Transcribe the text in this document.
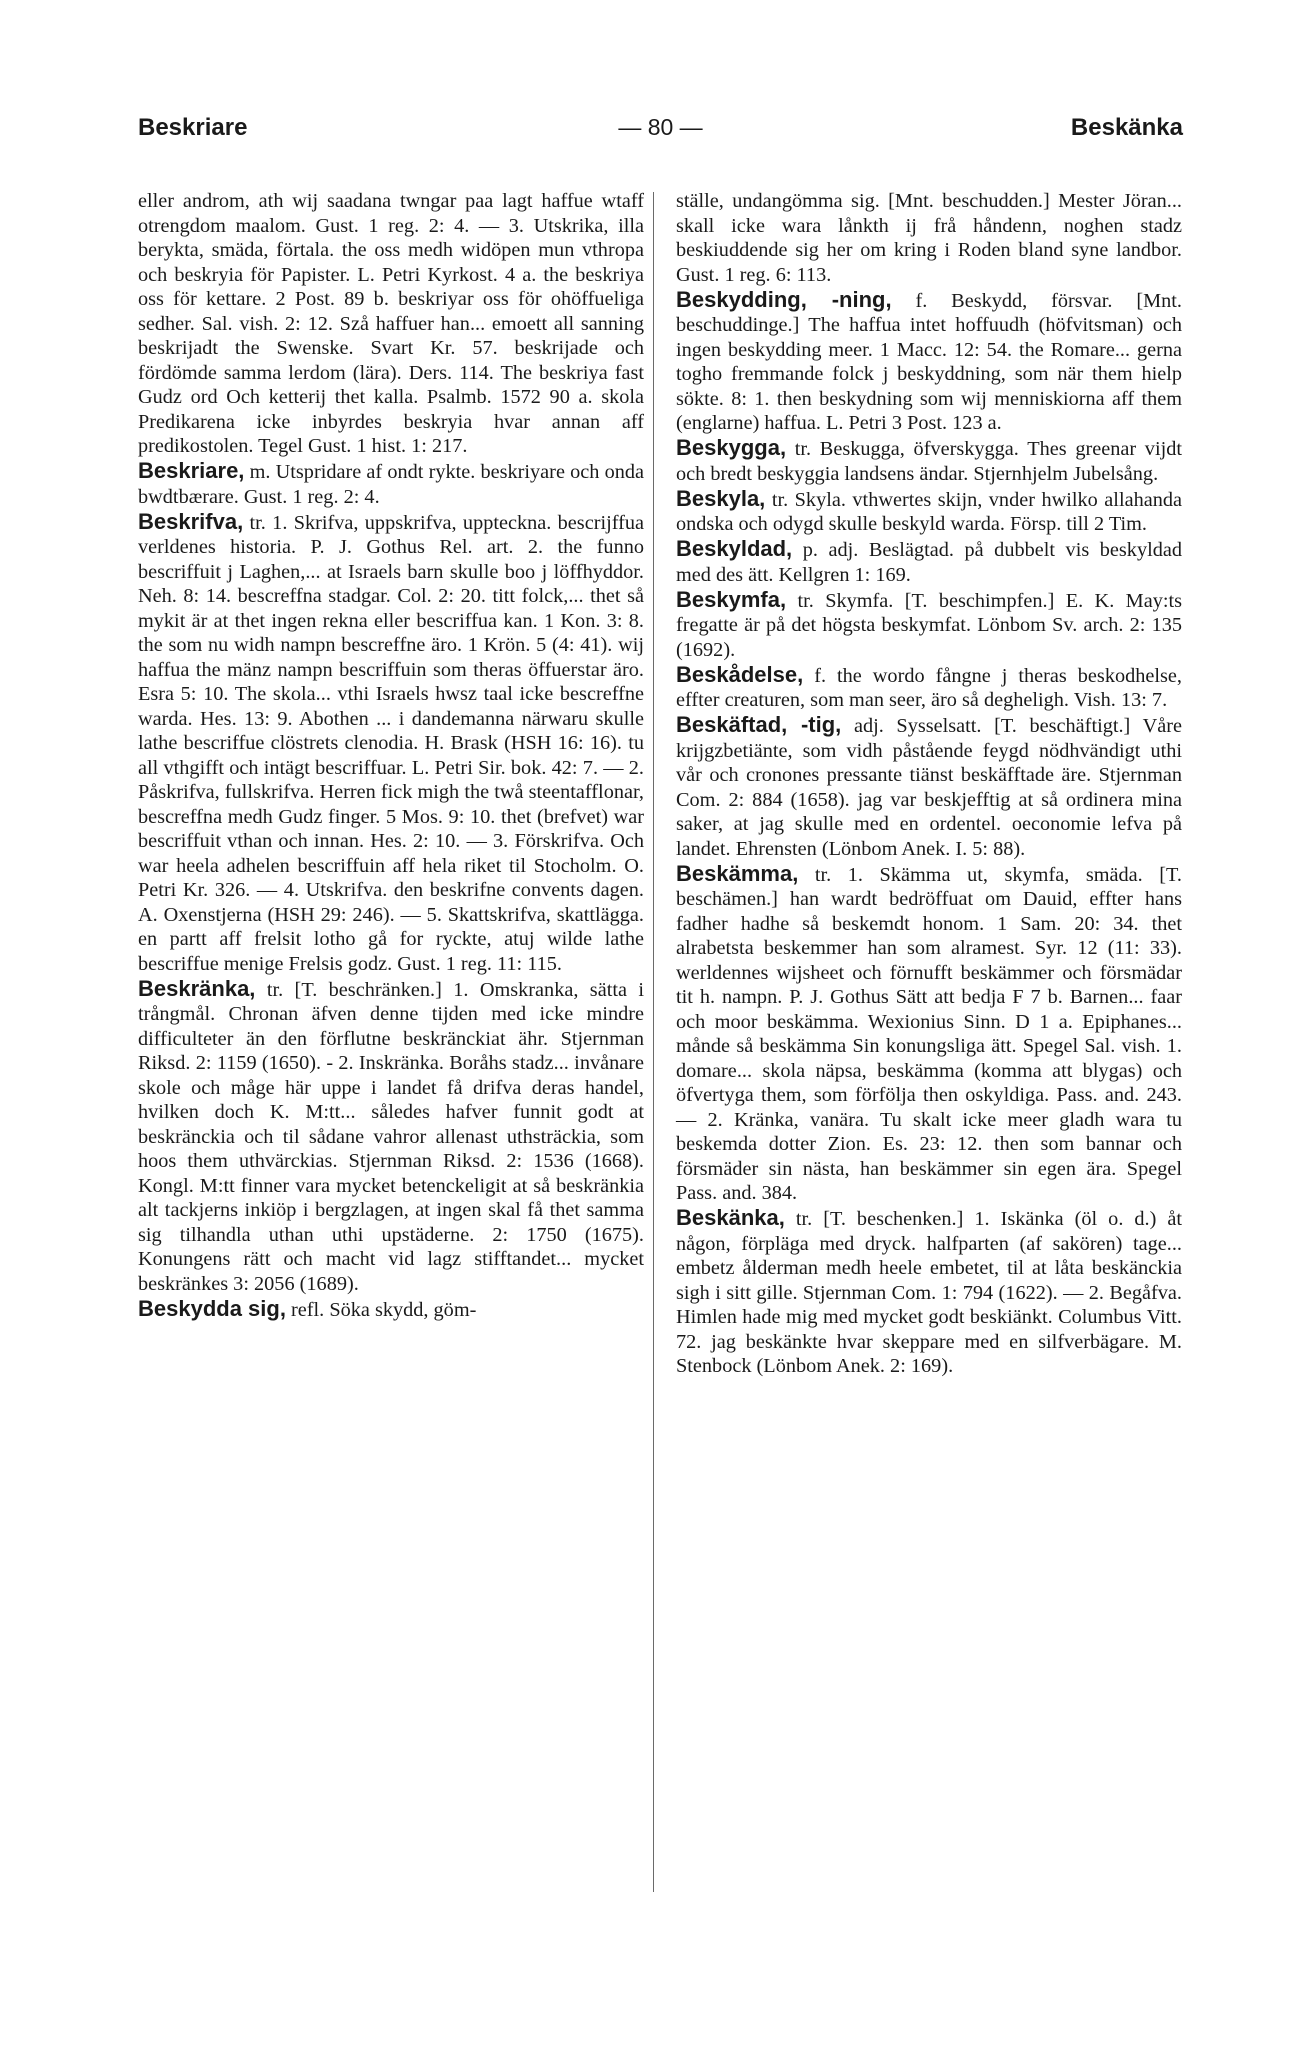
Beskriare	— 80 —	Beskänka

eller androm, ath wij saadana twngar paa lagt haffue wtaff otrengdom maalom. Gust. 1 reg. 2: 4. — 3. Utskrika, illa berykta, smäda, förtala. the oss medh widöpen mun vthropa och beskryia för Papister. L. Petri Kyrkost. 4 a. the beskriya oss för kettare. 2 Post. 89 b. beskriyar oss för ohöffueliga sedher. Sal. vish. 2: 12. Szå haffuer han... emoett all sanning beskrijadt the Swenske. Svart Kr. 57. beskrijade och fördömde samma lerdom (lära). Ders. 114. The beskriya fast Gudz ord Och ketterij thet kalla. Psalmb. 1572 90 a. skola Predikarena icke inbyrdes beskryia hvar annan aff predikostolen. Tegel Gust. 1 hist. 1: 217.

Beskriare, m. Utspridare af ondt rykte. beskriyare och onda bwdtbærare. Gust. 1 reg. 2: 4.

Beskrifva, tr. 1. Skrifva, uppskrifva, uppteckna. bescrijffua verldenes historia. P. J. Gothus Rel. art. 2. the funno bescriffuit j Laghen,... at Israels barn skulle boo j löffhyddor. Neh. 8: 14. bescreffna stadgar. Col. 2: 20. titt folck,... thet så mykit är at thet ingen rekna eller bescriffua kan. 1 Kon. 3: 8. the som nu widh nampn bescreffne äro. 1 Krön. 5 (4: 41). wij haffua the mänz nampn bescriffuin som theras öffuerstar äro. Esra 5: 10. The skola... vthi Israels hwsz taal icke bescreffne warda. Hes. 13: 9. Abothen ... i dandemanna närwaru skulle lathe bescriffue clöstrets clenodia. H. Brask (HSH 16: 16). tu all vthgifft och intägt bescriffuar. L. Petri Sir. bok. 42: 7. — 2. Påskrifva, fullskrifva. Herren fick migh the twå steentafflonar, bescreffna medh Gudz finger. 5 Mos. 9: 10. thet (brefvet) war bescriffuit vthan och innan. Hes. 2: 10. — 3. Förskrifva. Och war heela adhelen bescriffuin aff hela riket til Stocholm. O. Petri Kr. 326. — 4. Utskrifva. den beskrifne convents dagen. A. Oxenstjerna (HSH 29: 246). — 5. Skattskrifva, skattlägga. en partt aff frelsit lotho gå for ryckte, atuj wilde lathe bescriffue menige Frelsis godz. Gust. 1 reg. 11: 115.

Beskränka, tr. [T. beschränken.] 1. Omskranka, sätta i trångmål. Chronan äfven denne tijden med icke mindre difficulteter än den förflutne beskränckiat ähr. Stjernman Riksd. 2: 1159 (1650). - 2. Inskränka. Boråhs stadz... invånare skole och måge här uppe i landet få drifva deras handel, hvilken doch K. M:tt... således hafver funnit godt at beskränckia och til sådane vahror allenast uthsträckia, som hoos them uthvärckias. Stjernman Riksd. 2: 1536 (1668). Kongl. M:tt finner vara mycket betenckeligit at så beskränkia alt tackjerns inkiöp i bergzlagen, at ingen skal få thet samma sig tilhandla uthan uthi upstäderne. 2: 1750 (1675). Konungens rätt och macht vid lagz stifftandet... mycket beskränkes 3: 2056 (1689).

Beskydda sig, refl. Söka skydd, göm-

ställe, undangömma sig. [Mnt. beschudden.] Mester Jöran... skall icke wara lånkth ij frå håndenn, noghen stadz beskiuddende sig her om kring i Roden bland syne landbor. Gust. 1 reg. 6: 113.

Beskydding, -ning, f. Beskydd, försvar. [Mnt. beschuddinge.] The haffua intet hoffuudh (höfvitsman) och ingen beskydding meer. 1 Macc. 12: 54. the Romare... gerna togho fremmande folck j beskyddning, som när them hielp sökte. 8: 1. then beskydning som wij menniskiorna aff them (englarne) haffua. L. Petri 3 Post. 123 a.

Beskygga, tr. Beskugga, öfverskygga. Thes greenar vijdt och bredt beskyggia landsens ändar. Stjernhjelm Jubelsång.

Beskyla, tr. Skyla. vthwertes skijn, vnder hwilko allahanda ondska och odygd skulle beskyld warda. Försp. till 2 Tim.

Beskyldad, p. adj. Beslägtad. på dubbelt vis beskyldad med des ätt. Kellgren 1: 169.

Beskymfa, tr. Skymfa. [T. beschimpfen.] E. K. May:ts fregatte är på det högsta beskymfat. Lönbom Sv. arch. 2: 135 (1692).

Beskådelse, f. the wordo fångne j theras beskodhelse, effter creaturen, som man seer, äro så degheligh. Vish. 13: 7.

Beskäftad, -tig, adj. Sysselsatt. [T. beschäftigt.] Våre krijgzbetiänte, som vidh påstående feygd nödhvändigt uthi vår och cronones pressante tiänst beskäfftade äre. Stjernman Com. 2: 884 (1658). jag var beskjefftig at så ordinera mina saker, at jag skulle med en ordentel. oeconomie lefva på landet. Ehrensten (Lönbom Anek. I. 5: 88).

Beskämma, tr. 1. Skämma ut, skymfa, smäda. [T. beschämen.] han wardt bedröffuat om Dauid, effter hans fadher hadhe så beskemdt honom. 1 Sam. 20: 34. thet alrabetsta beskemmer han som alramest. Syr. 12 (11: 33). werldennes wijsheet och förnufft beskämmer och försmädar tit h. nampn. P. J. Gothus Sätt att bedja F 7 b. Barnen... faar och moor beskämma. Wexionius Sinn. D 1 a. Epiphanes... månde så beskämma Sin konungsliga ätt. Spegel Sal. vish. 1. domare... skola näpsa, beskämma (komma att blygas) och öfvertyga them, som förfölja then oskyldiga. Pass. and. 243. — 2. Kränka, vanära. Tu skalt icke meer gladh wara tu beskemda dotter Zion. Es. 23: 12. then som bannar och försmäder sin nästa, han beskämmer sin egen ära. Spegel Pass. and. 384.

Beskänka, tr. [T. beschenken.] 1. Iskänka (öl o. d.) åt någon, förpläga med dryck. halfparten (af sakören) tage... embetz ålderman medh heele embetet, til at låta beskänckia sigh i sitt gille. Stjernman Com. 1: 794 (1622). — 2. Begåfva. Himlen hade mig med mycket godt beskiänkt. Columbus Vitt. 72. jag beskänkte hvar skeppare med en silfverbägare. M. Stenbock (Lönbom Anek. 2: 169).
